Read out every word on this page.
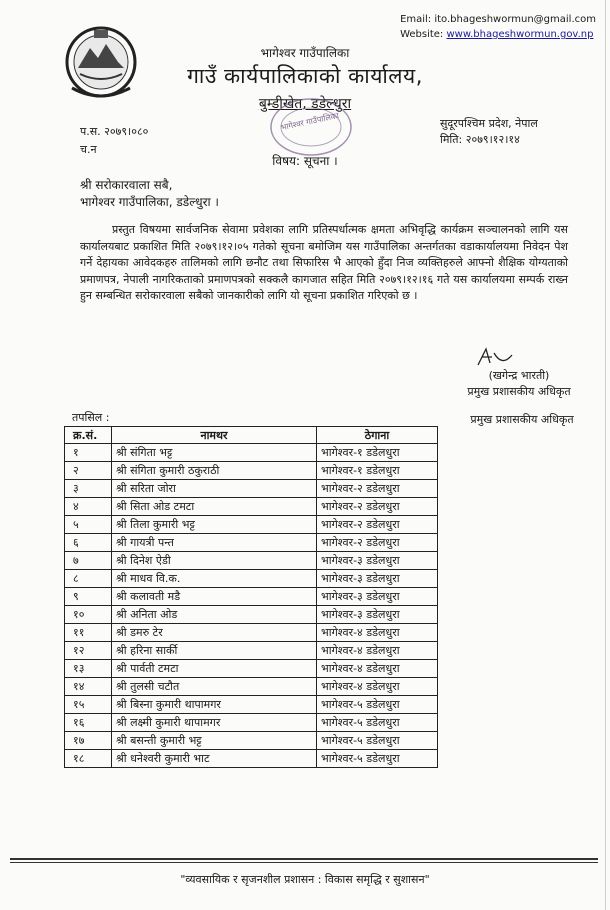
Email: ito.bhageshwormun@gmail.com
Website: www.bhageshwormun.gov.np
भागेश्वर गाउँपालिका
गाउँ कार्यपालिकाको कार्यालय,
बुम्डीखेत, डडेल्धुरा
भागेश्वर गाउँपालिका
प.स. २०७९।०८०
च.न
सुदूरपश्चिम प्रदेश, नेपाल
मिति: २०७९।१२।१४
विषय: सूचना ।
श्री सरोकारवाला सबै,
भागेश्वर गाउँपालिका, डडेल्धुरा ।
प्रस्तुत विषयमा सार्वजनिक सेवामा प्रवेशका लागि प्रतिस्पर्धात्मक क्षमता अभिवृद्धि कार्यक्रम सञ्चालनको लागि यस कार्यालयबाट प्रकाशित मिति २०७९।१२।०५ गतेको सूचना बमोजिम यस गाउँपालिका अन्तर्गतका वडाकार्यालयमा निवेदन पेश गर्ने देहायका आवेदकहरु तालिमको लागि छनौट तथा सिफारिस भै आएको हुँदा निज व्यक्तिहरुले आफ्नो शैक्षिक योग्यताको प्रमाणपत्र, नेपाली नागरिकताको प्रमाणपत्रको सक्कलै कागजात सहित मिति २०७९।१२।१६ गते यस कार्यालयमा सम्पर्क राख्न हुन सम्बन्धित सरोकारवाला सबैको जानकारीको लागि यो सूचना प्रकाशित गरिएको छ ।
(खगेन्द्र भारती)
प्रमुख प्रशासकीय अधिकृत
प्रमुख प्रशासकीय अधिकृत
तपसिल :
क्र.सं.	नामथर	ठेगाना
१	श्री संगिता भट्ट	भागेश्वर-१ डडेलधुरा
२	श्री संगिता कुमारी ठकुराठी	भागेश्वर-१ डडेलधुरा
३	श्री सरिता जोरा	भागेश्वर-२ डडेलधुरा
४	श्री सिता ओड टमटा	भागेश्वर-२ डडेलधुरा
५	श्री तिला कुमारी भट्ट	भागेश्वर-२ डडेलधुरा
६	श्री गायत्री पन्त	भागेश्वर-२ डडेलधुरा
७	श्री दिनेश ऐडी	भागेश्वर-३ डडेलधुरा
८	श्री माधव वि.क.	भागेश्वर-३ डडेलधुरा
९	श्री कलावती मडै	भागेश्वर-३ डडेलधुरा
१०	श्री अनिता ओड	भागेश्वर-३ डडेलधुरा
११	श्री डमरु टेर	भागेश्वर-४ डडेलधुरा
१२	श्री हरिना सार्की	भागेश्वर-४ डडेलधुरा
१३	श्री पार्वती टमटा	भागेश्वर-४ डडेलधुरा
१४	श्री तुलसी चटौत	भागेश्वर-४ डडेलधुरा
१५	श्री बिस्ना कुमारी थापामगर	भागेश्वर-५ डडेलधुरा
१६	श्री लक्ष्मी कुमारी थापामगर	भागेश्वर-५ डडेलधुरा
१७	श्री बसन्ती कुमारी भट्ट	भागेश्वर-५ डडेलधुरा
१८	श्री धनेश्वरी कुमारी भाट	भागेश्वर-५ डडेलधुरा
"व्यवसायिक र सृजनशील प्रशासन : विकास समृद्धि र सुशासन"
